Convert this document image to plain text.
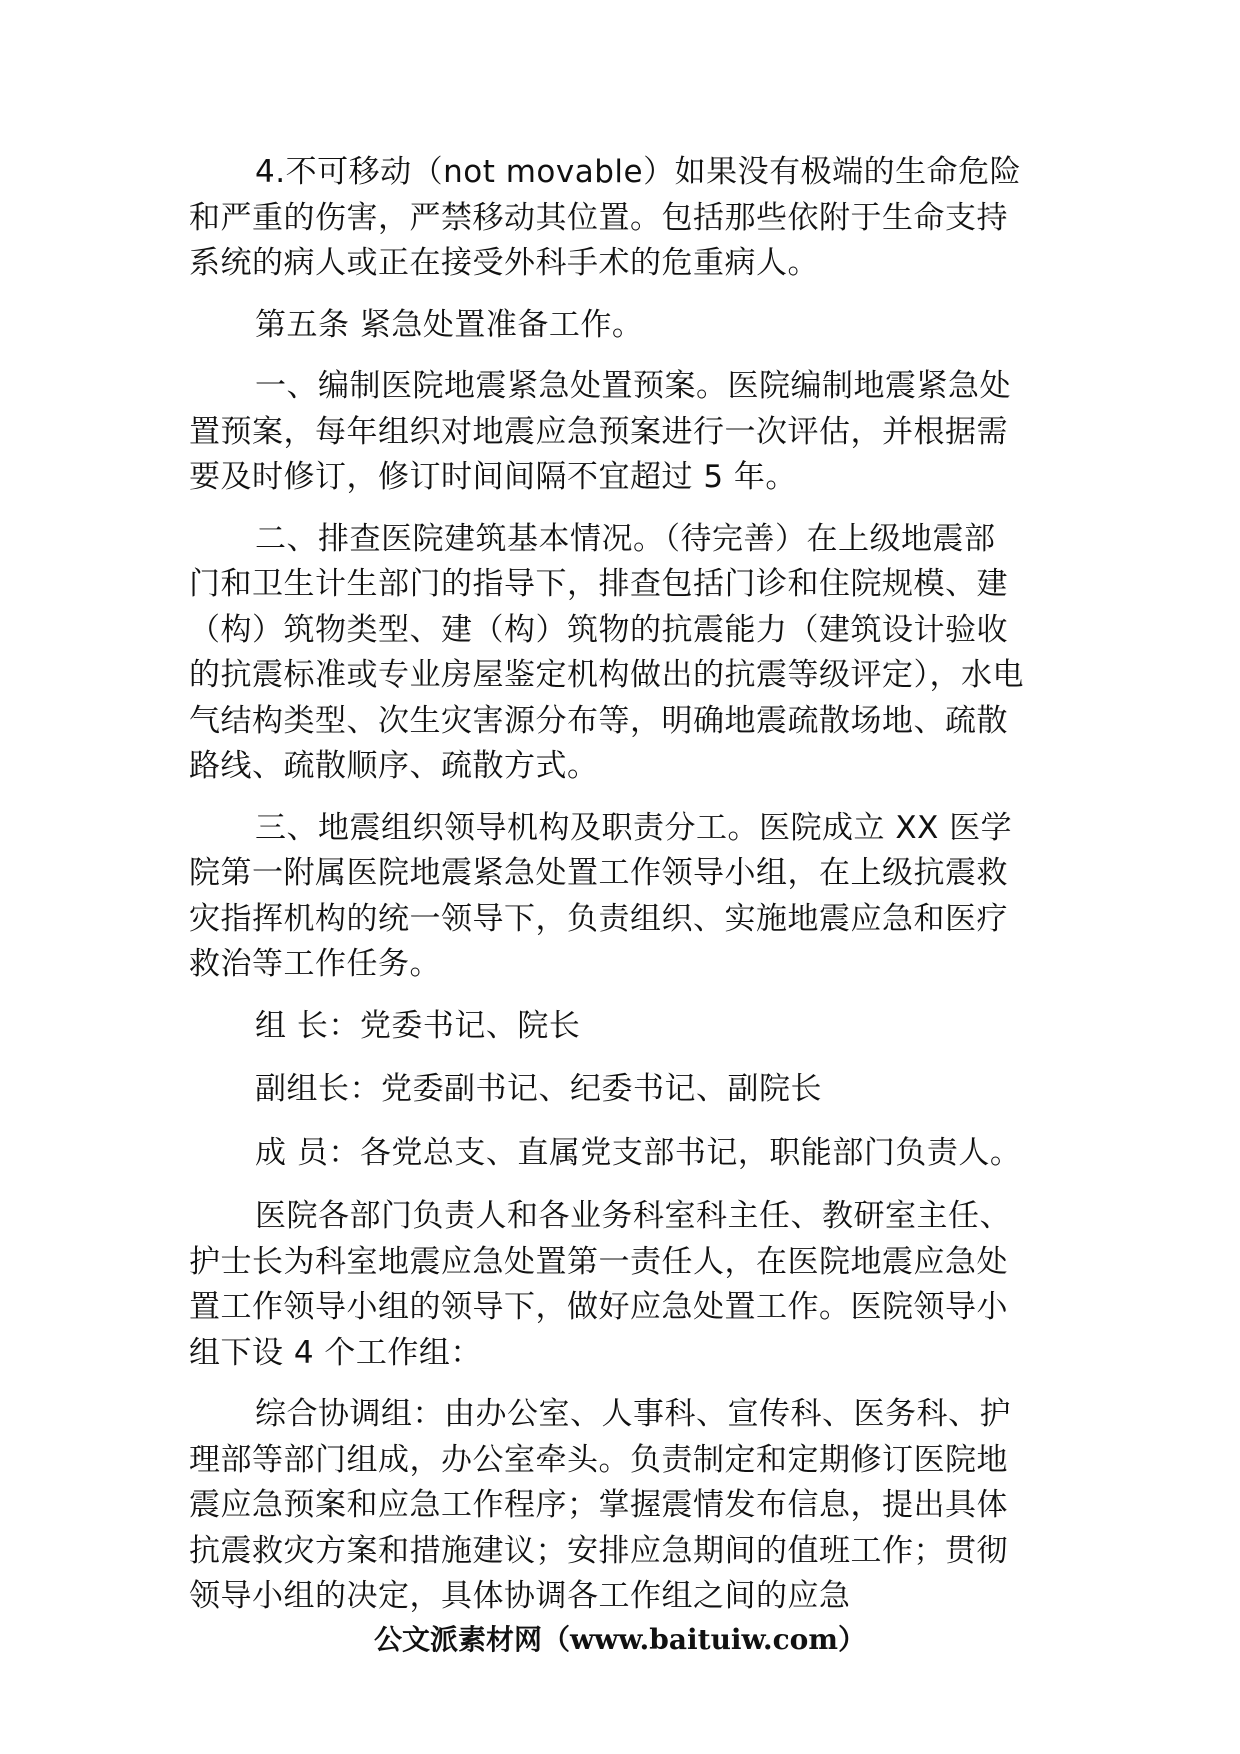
4.不可移动（not movable）如果没有极端的生命危险和严重的伤害，严禁移动其位置。包括那些依附于生命支持系统的病人或正在接受外科手术的危重病人。

第五条 紧急处置准备工作。

一、编制医院地震紧急处置预案。医院编制地震紧急处置预案，每年组织对地震应急预案进行一次评估，并根据需要及时修订，修订时间间隔不宜超过 5 年。

二、排查医院建筑基本情况。（待完善）在上级地震部门和卫生计生部门的指导下，排查包括门诊和住院规模、建（构）筑物类型、建（构）筑物的抗震能力（建筑设计验收的抗震标准或专业房屋鉴定机构做出的抗震等级评定），水电气结构类型、次生灾害源分布等，明确地震疏散场地、疏散路线、疏散顺序、疏散方式。

三、地震组织领导机构及职责分工。医院成立 XX 医学院第一附属医院地震紧急处置工作领导小组，在上级抗震救灾指挥机构的统一领导下，负责组织、实施地震应急和医疗救治等工作任务。

组 长：党委书记、院长

副组长：党委副书记、纪委书记、副院长

成 员：各党总支、直属党支部书记，职能部门负责人。

医院各部门负责人和各业务科室科主任、教研室主任、护士长为科室地震应急处置第一责任人，在医院地震应急处置工作领导小组的领导下，做好应急处置工作。医院领导小组下设 4 个工作组：

综合协调组：由办公室、人事科、宣传科、医务科、护理部等部门组成，办公室牵头。负责制定和定期修订医院地震应急预案和应急工作程序；掌握震情发布信息，提出具体抗震救灾方案和措施建议；安排应急期间的值班工作；贯彻领导小组的决定，具体协调各工作组之间的应急

公文派素材网（www.baituiw.com）
